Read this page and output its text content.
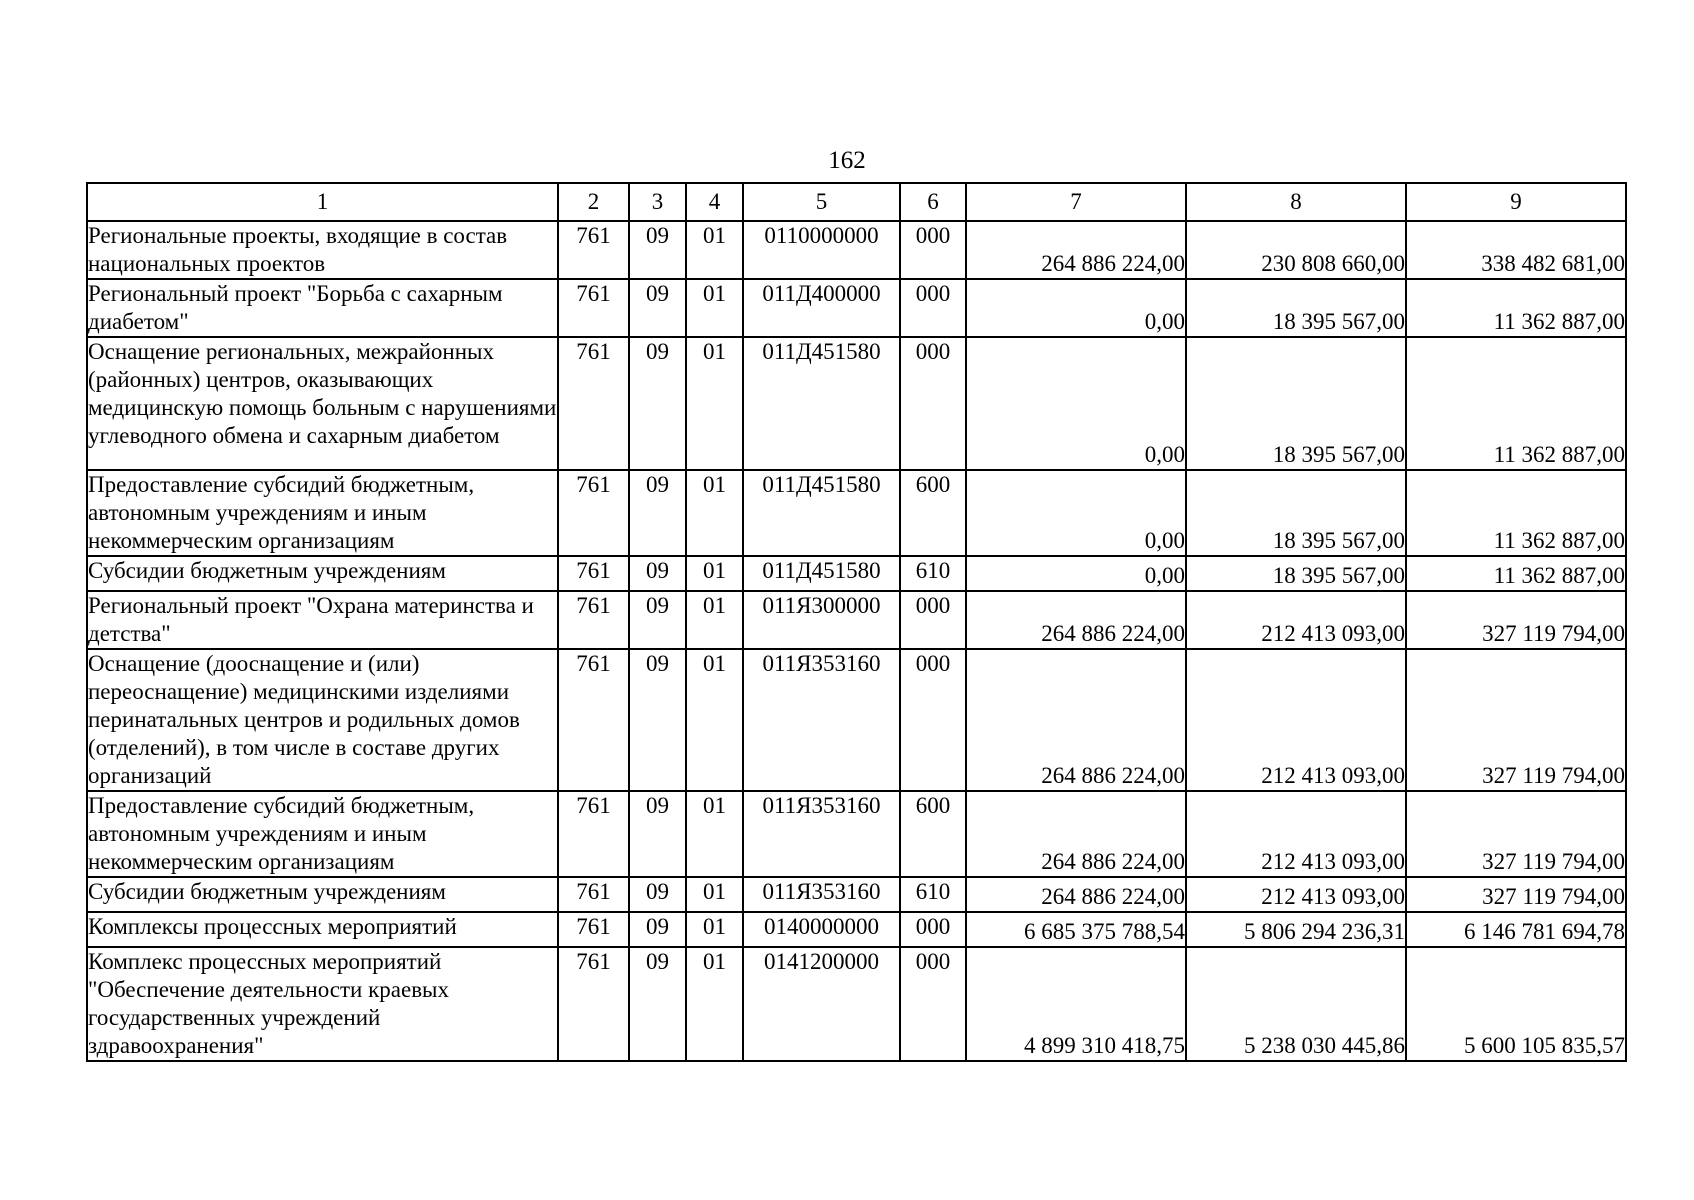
162
1	2	3	4	5	6	7	8	9
Региональные проекты, входящие в состав национальных проектов	761	09	01	0110000000	000	264 886 224,00	230 808 660,00	338 482 681,00
Региональный проект "Борьба с сахарным диабетом"	761	09	01	011Д400000	000	0,00	18 395 567,00	11 362 887,00
Оснащение региональных, межрайонных (районных) центров, оказывающих медицинскую помощь больным с нарушениями углеводного обмена и сахарным диабетом	761	09	01	011Д451580	000	0,00	18 395 567,00	11 362 887,00
Предоставление субсидий бюджетным, автономным учреждениям и иным некоммерческим организациям	761	09	01	011Д451580	600	0,00	18 395 567,00	11 362 887,00
Субсидии бюджетным учреждениям	761	09	01	011Д451580	610	0,00	18 395 567,00	11 362 887,00
Региональный проект "Охрана материнства и детства"	761	09	01	011Я300000	000	264 886 224,00	212 413 093,00	327 119 794,00
Оснащение (дооснащение и (или) переоснащение) медицинскими изделиями перинатальных центров и родильных домов (отделений), в том числе в составе других организаций	761	09	01	011Я353160	000	264 886 224,00	212 413 093,00	327 119 794,00
Предоставление субсидий бюджетным, автономным учреждениям и иным некоммерческим организациям	761	09	01	011Я353160	600	264 886 224,00	212 413 093,00	327 119 794,00
Субсидии бюджетным учреждениям	761	09	01	011Я353160	610	264 886 224,00	212 413 093,00	327 119 794,00
Комплексы процессных мероприятий	761	09	01	0140000000	000	6 685 375 788,54	5 806 294 236,31	6 146 781 694,78
Комплекс процессных мероприятий "Обеспечение деятельности краевых государственных учреждений здравоохранения"	761	09	01	0141200000	000	4 899 310 418,75	5 238 030 445,86	5 600 105 835,57
